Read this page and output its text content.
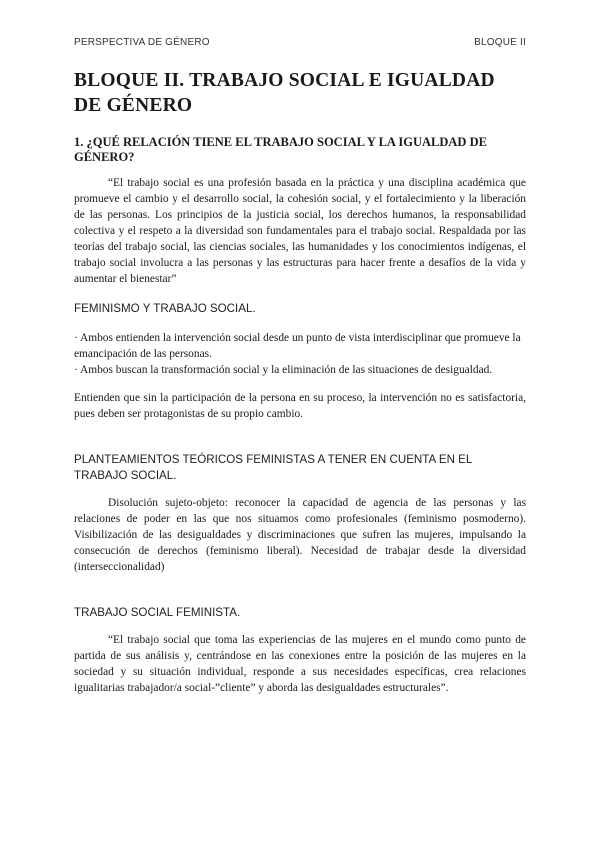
PERSPECTIVA DE GÉNERO	BLOQUE II
BLOQUE II. TRABAJO SOCIAL E IGUALDAD DE GÉNERO
1. ¿QUÉ RELACIÓN TIENE EL TRABAJO SOCIAL Y LA IGUALDAD DE GÉNERO?

“El trabajo social es una profesión basada en la práctica y una disciplina académica que promueve el cambio y el desarrollo social, la cohesión social, y el fortalecimiento y la liberación de las personas. Los principios de la justicia social, los derechos humanos, la responsabilidad colectiva y el respeto a la diversidad son fundamentales para el trabajo social. Respaldada por las teorías del trabajo social, las ciencias sociales, las humanidades y los conocimientos indígenas, el trabajo social involucra a las personas y las estructuras para hacer frente a desafíos de la vida y aumentar el bienestar”

FEMINISMO Y TRABAJO SOCIAL.

· Ambos entienden la intervención social desde un punto de vista interdisciplinar que promueve la emancipación de las personas.

· Ambos buscan la transformación social y la eliminación de las situaciones de desigualdad.

Entienden que sin la participación de la persona en su proceso, la intervención no es satisfactoria, pues deben ser protagonistas de su propio cambio.

PLANTEAMIENTOS TEÓRICOS FEMINISTAS A TENER EN CUENTA EN EL TRABAJO SOCIAL.

Disolución sujeto-objeto: reconocer la capacidad de agencia de las personas y las relaciones de poder en las que nos situamos como profesionales (feminismo posmoderno). Visibilización de las desigualdades y discriminaciones que sufren las mujeres, impulsando la consecución de derechos (feminismo liberal). Necesidad de trabajar desde la diversidad (interseccionalidad)

TRABAJO SOCIAL FEMINISTA.

“El trabajo social que toma las experiencias de las mujeres en el mundo como punto de partida de sus análisis y, centrándose en las conexiones entre la posición de las mujeres en la sociedad y su situación individual, responde a sus necesidades específicas, crea relaciones igualitarias trabajador/a social-”cliente” y aborda las desigualdades estructurales”.
